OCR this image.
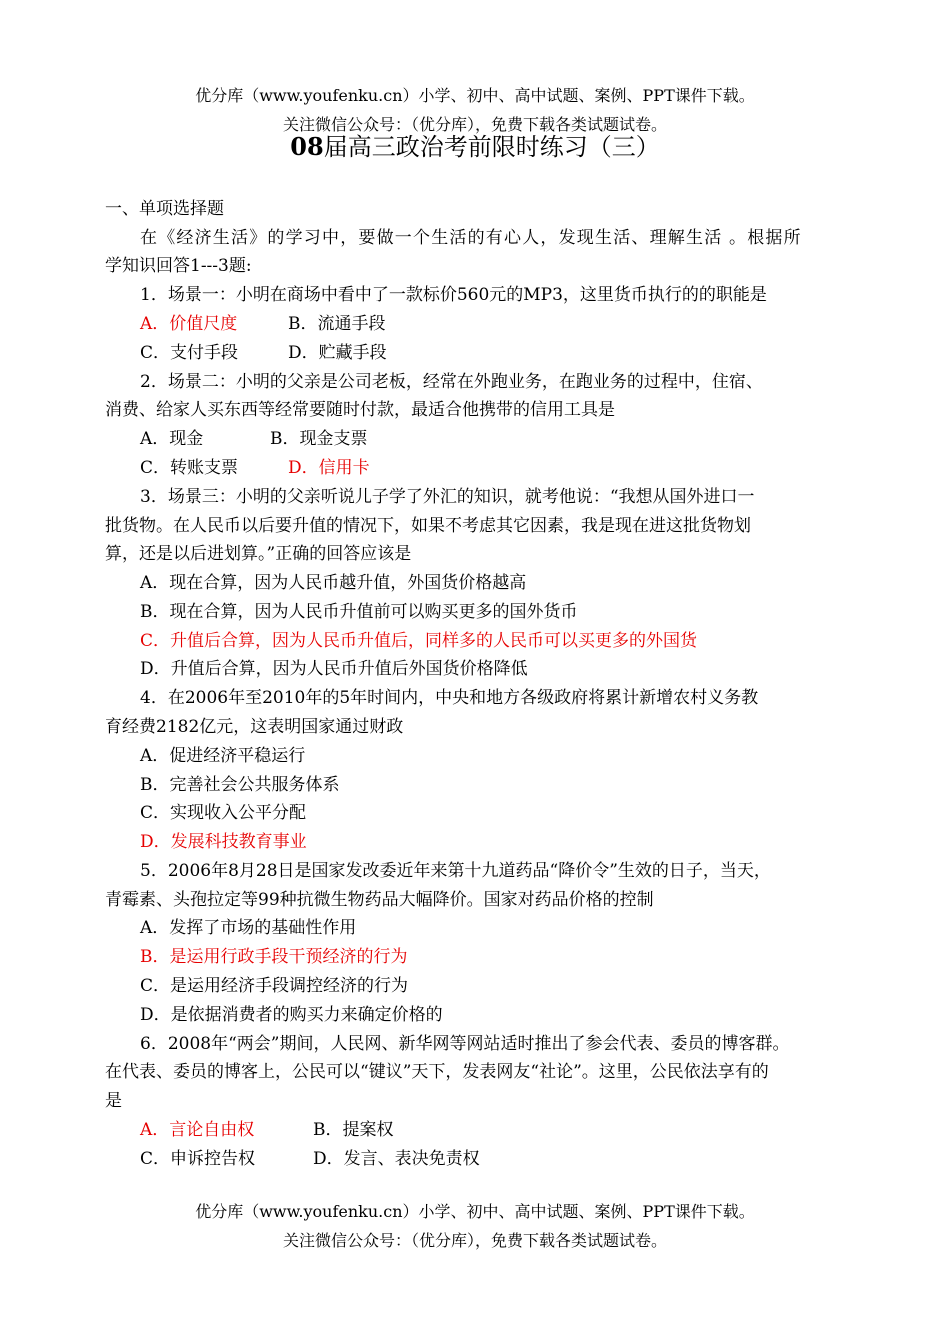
优分库（www.youfenku.cn）小学、初中、高中试题、案例、PPT课件下载。
关注微信公众号：（优分库），免费下载各类试题试卷。
08届高三政治考前限时练习（三）
一、单项选择题
在《经济生活》的学习中，要做一个生活的有心人，发现生活、理解生活 。根据所
学知识回答1---3题:
1．场景一：小明在商场中看中了一款标价560元的MP3，这里货币执行的的职能是
A．价值尺度	B．流通手段
C．支付手段	D．贮藏手段
2．场景二：小明的父亲是公司老板，经常在外跑业务，在跑业务的过程中，住宿、
消费、给家人买东西等经常要随时付款，最适合他携带的信用工具是
A．现金	B．现金支票
C．转账支票	D．信用卡
3．场景三：小明的父亲听说儿子学了外汇的知识，就考他说：“我想从国外进口一
批货物。在人民币以后要升值的情况下，如果不考虑其它因素，我是现在进这批货物划
算，还是以后进划算。”正确的回答应该是
A．现在合算，因为人民币越升值，外国货价格越高
B．现在合算，因为人民币升值前可以购买更多的国外货币
C．升值后合算，因为人民币升值后，同样多的人民币可以买更多的外国货
D．升值后合算，因为人民币升值后外国货价格降低
4．在2006年至2010年的5年时间内，中央和地方各级政府将累计新增农村义务教
育经费2182亿元，这表明国家通过财政
A．促进经济平稳运行
B．完善社会公共服务体系
C．实现收入公平分配
D．发展科技教育事业
5．2006年8月28日是国家发改委近年来第十九道药品“降价令”生效的日子，当天，
青霉素、头孢拉定等99种抗微生物药品大幅降价。国家对药品价格的控制
A．发挥了市场的基础性作用
B．是运用行政手段干预经济的行为
C．是运用经济手段调控经济的行为
D．是依据消费者的购买力来确定价格的
6．2008年“两会”期间，人民网、新华网等网站适时推出了参会代表、委员的博客群。
在代表、委员的博客上，公民可以“键议”天下，发表网友“社论”。这里，公民依法享有的
是
A．言论自由权	B．提案权
C．申诉控告权	D．发言、表决免责权
优分库（www.youfenku.cn）小学、初中、高中试题、案例、PPT课件下载。
关注微信公众号：（优分库），免费下载各类试题试卷。
